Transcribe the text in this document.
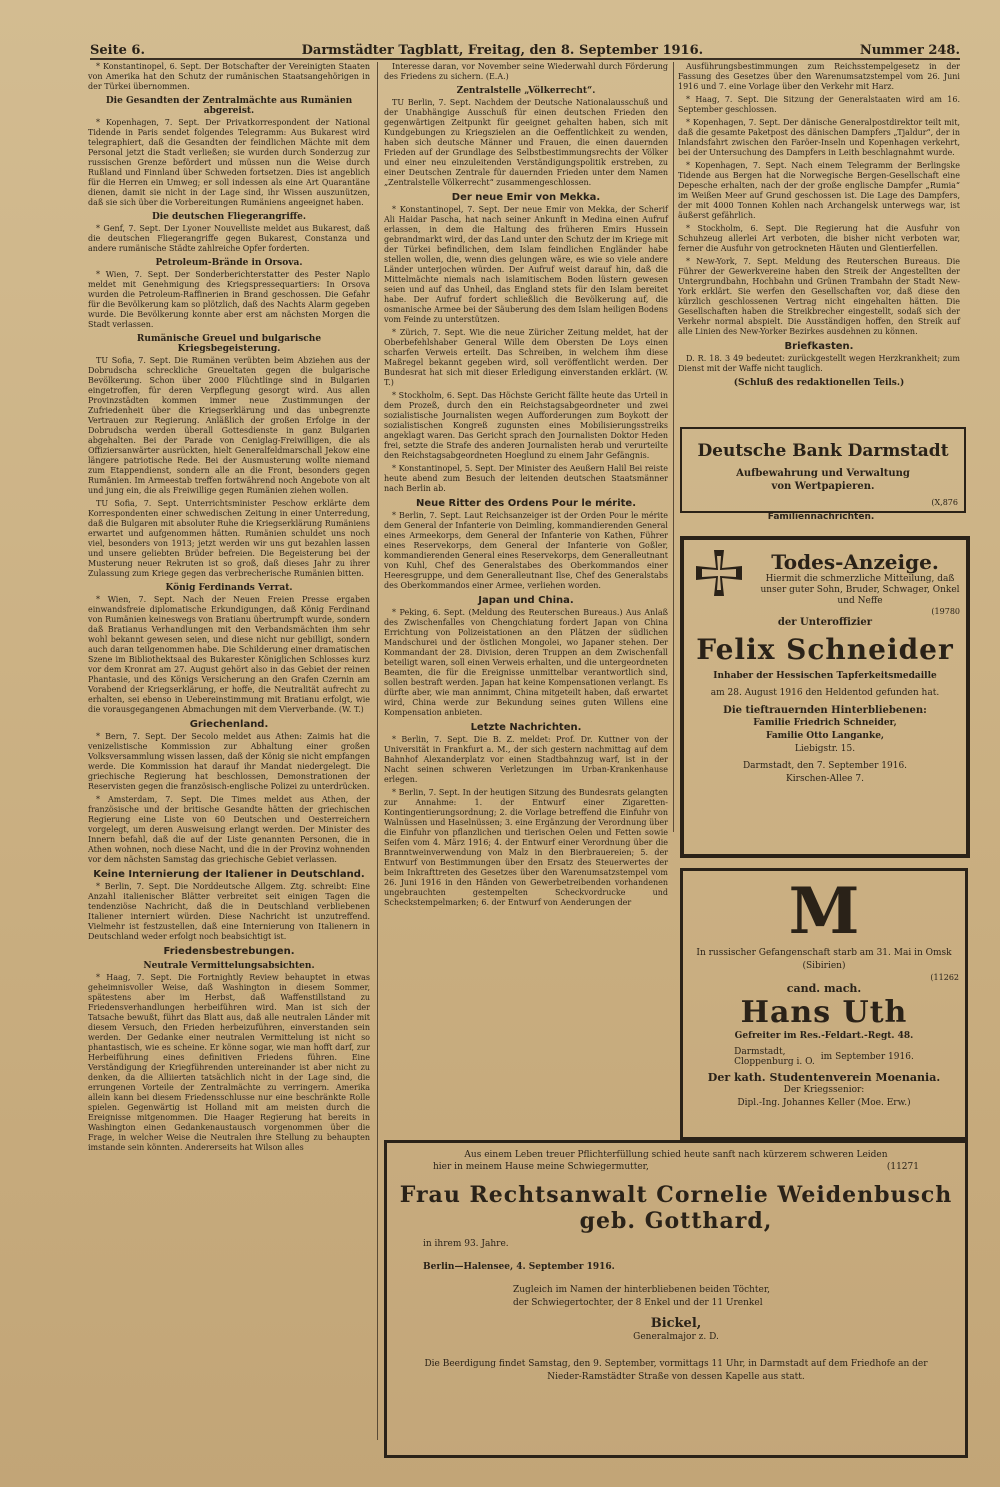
Seite 6.	Darmstädter Tagblatt, Freitag, den 8. September 1916.	Nummer 248.

* Konstantinopel, 6. Sept. Der Botschafter der Vereinigten Staaten von Amerika hat den Schutz der rumänischen Staatsangehörigen in der Türkei übernommen.

Die Gesandten der Zentralmächte aus Rumänien abgereist.

* Kopenhagen, 7. Sept. Der Privatkorrespondent der National Tidende in Paris sendet folgendes Telegramm: Aus Bukarest wird telegraphiert, daß die Gesandten der feindlichen Mächte mit dem Personal jetzt die Stadt verließen; sie wurden durch Sonderzug zur russischen Grenze befördert und müssen nun die Weise durch Rußland und Finnland über Schweden fortsetzen. Dies ist angeblich für die Herren ein Umweg; er soll indessen als eine Art Quarantäne dienen, damit sie nicht in der Lage sind, ihr Wissen auszunützen, daß sie sich über die Vorbereitungen Rumäniens angeeignet haben.

Die deutschen Fliegerangriffe.

* Genf, 7. Sept. Der Lyoner Nouvelliste meldet aus Bukarest, daß die deutschen Fliegerangriffe gegen Bukarest, Constanza und andere rumänische Städte zahlreiche Opfer forderten.

Petroleum-Brände in Orsova.

* Wien, 7. Sept. Der Sonderberichterstatter des Pester Naplo meldet mit Genehmigung des Kriegspressequartiers: In Orsova wurden die Petroleum-Raffinerien in Brand geschossen. Die Gefahr für die Bevölkerung kam so plötzlich, daß des Nachts Alarm gegeben wurde. Die Bevölkerung konnte aber erst am nächsten Morgen die Stadt verlassen.

Rumänische Greuel und bulgarische Kriegsbegeisterung.

TU Sofia, 7. Sept. Die Rumänen verübten beim Abziehen aus der Dobrudscha schreckliche Greueltaten gegen die bulgarische Bevölkerung. Schon über 2000 Flüchtlinge sind in Bulgarien eingetroffen, für deren Verpflegung gesorgt wird. Aus allen Provinzstädten kommen immer neue Zustimmungen der Zufriedenheit über die Kriegserklärung und das unbegrenzte Vertrauen zur Regierung. Anläßlich der großen Erfolge in der Dobrudscha werden überall Gottesdienste in ganz Bulgarien abgehalten. Bei der Parade von Ceniglag-Freiwilligen, die als Offiziersanwärter ausrückten, hielt Generalfeldmarschall Jekow eine längere patriotische Rede. Bei der Ausmusterung wollte niemand zum Etappendienst, sondern alle an die Front, besonders gegen Rumänien. Im Armeestab treffen fortwährend noch Angebote von alt und jung ein, die als Freiwillige gegen Rumänien ziehen wollen.

TU Sofia, 7. Sept. Unterrichtsminister Peschow erklärte dem Korrespondenten einer schwedischen Zeitung in einer Unterredung, daß die Bulgaren mit absoluter Ruhe die Kriegserklärung Rumäniens erwartet und aufgenommen hätten. Rumänien schuldet uns noch viel, besonders von 1913; jetzt werden wir uns gut bezahlen lassen und unsere geliebten Brüder befreien. Die Begeisterung bei der Musterung neuer Rekruten ist so groß, daß dieses Jahr zu ihrer Zulassung zum Kriege gegen das verbrecherische Rumänien bitten.

König Ferdinands Verrat.

* Wien, 7. Sept. Nach der Neuen Freien Presse ergaben einwandsfreie diplomatische Erkundigungen, daß König Ferdinand von Rumänien keineswegs von Bratianu übertrumpft wurde, sondern daß Bratianus Verhandlungen mit den Verbandsmächten ihm sehr wohl bekannt gewesen seien, und diese nicht nur gebilligt, sondern auch daran teilgenommen habe. Die Schilderung einer dramatischen Szene im Bibliothektsaal des Bukarester Königlichen Schlosses kurz vor dem Kronrat am 27. August gehört also in das Gebiet der reinen Phantasie, und des Königs Versicherung an den Grafen Czernin am Vorabend der Kriegserklärung, er hoffe, die Neutralität aufrecht zu erhalten, sei ebenso in Uebereinstimmung mit Bratianu erfolgt, wie die vorausgegangenen Abmachungen mit dem Vierverbande. (W. T.)

Griechenland.

* Bern, 7. Sept. Der Secolo meldet aus Athen: Zaimis hat die venizelistische Kommission zur Abhaltung einer großen Volksversammlung wissen lassen, daß der König sie nicht empfangen werde. Die Kommission hat darauf ihr Mandat niedergelegt. Die griechische Regierung hat beschlossen, Demonstrationen der Reservisten gegen die französisch-englische Polizei zu unterdrücken.

* Amsterdam, 7. Sept. Die Times meldet aus Athen, der französische und der britische Gesandte hätten der griechischen Regierung eine Liste von 60 Deutschen und Oesterreichern vorgelegt, um deren Ausweisung erlangt werden. Der Minister des Innern befahl, daß die auf der Liste genannten Personen, die in Athen wohnen, noch diese Nacht, und die in der Provinz wohnenden vor dem nächsten Samstag das griechische Gebiet verlassen.

Keine Internierung der Italiener in Deutschland.

* Berlin, 7. Sept. Die Norddeutsche Allgem. Ztg. schreibt: Eine Anzahl italienischer Blätter verbreitet seit einigen Tagen die tendenziöse Nachricht, daß die in Deutschland verbliebenen Italiener interniert würden. Diese Nachricht ist unzutreffend. Vielmehr ist festzustellen, daß eine Internierung von Italienern in Deutschland weder erfolgt noch beabsichtigt ist.

Friedensbestrebungen.
Neutrale Vermittelungsabsichten.

* Haag, 7. Sept. Die Fortnightly Review behauptet in etwas geheimnisvoller Weise, daß Washington in diesem Sommer, spätestens aber im Herbst, daß Waffenstillstand zu Friedensverhandlungen herbeiführen wird. Man ist sich der Tatsache bewußt, führt das Blatt aus, daß alle neutralen Länder mit diesem Versuch, den Frieden herbeizuführen, einverstanden sein werden. Der Gedanke einer neutralen Vermittelung ist nicht so phantastisch, wie es scheine. Er könne sogar, wie man hofft darf, zur Herbeiführung eines definitiven Friedens führen. Eine Verständigung der Kriegführenden untereinander ist aber nicht zu denken, da die Alliierten tatsächlich nicht in der Lage sind, die errungenen Vorteile der Zentralmächte zu verringern. Amerika allein kann bei diesem Friedensschlusse nur eine beschränkte Rolle spielen. Gegenwärtig ist Holland mit am meisten durch die Ereignisse mitgenommen. Die Haager Regierung hat bereits in Washington einen Gedankenaustausch vorgenommen über die Frage, in welcher Weise die Neutralen ihre Stellung zu behaupten imstande sein könnten. Andererseits hat Wilson alles

Interesse daran, vor November seine Wiederwahl durch Förderung des Friedens zu sichern. (E.A.)

Zentralstelle „Völkerrecht“.

TU Berlin, 7. Sept. Nachdem der Deutsche Nationalausschuß und der Unabhängige Ausschuß für einen deutschen Frieden den gegenwärtigen Zeitpunkt für geeignet gehalten haben, sich mit Kundgebungen zu Kriegszielen an die Oeffentlichkeit zu wenden, haben sich deutsche Männer und Frauen, die einen dauernden Frieden auf der Grundlage des Selbstbestimmungsrechts der Völker und einer neu einzuleitenden Verständigungspolitik erstreben, zu einer Deutschen Zentrale für dauernden Frieden unter dem Namen „Zentralstelle Völkerrecht“ zusammengeschlossen.

Der neue Emir von Mekka.

* Konstantinopel, 7. Sept. Der neue Emir von Mekka, der Scherif Ali Haidar Pascha, hat nach seiner Ankunft in Medina einen Aufruf erlassen, in dem die Haltung des früheren Emirs Hussein gebrandmarkt wird, der das Land unter den Schutz der im Kriege mit der Türkei befindlichen, dem Islam feindlichen Engländer habe stellen wollen, die, wenn dies gelungen wäre, es wie so viele andere Länder unterjochen würden. Der Aufruf weist darauf hin, daß die Mittelmächte niemals nach islamitischem Boden lüstern gewesen seien und auf das Unheil, das England stets für den Islam bereitet habe. Der Aufruf fordert schließlich die Bevölkerung auf, die osmanische Armee bei der Säuberung des dem Islam heiligen Bodens vom Feinde zu unterstützen.

* Zürich, 7. Sept. Wie die neue Züricher Zeitung meldet, hat der Oberbefehlshaber General Wille dem Obersten De Loys einen scharfen Verweis erteilt. Das Schreiben, in welchem ihm diese Maßregel bekannt gegeben wird, soll veröffentlicht werden. Der Bundesrat hat sich mit dieser Erledigung einverstanden erklärt. (W. T.)

* Stockholm, 6. Sept. Das Höchste Gericht fällte heute das Urteil in dem Prozeß, durch den ein Reichstagsabgeordneter und zwei sozialistische Journalisten wegen Aufforderungen zum Boykott der sozialistischen Kongreß zugunsten eines Mobilisierungsstreiks angeklagt waren. Das Gericht sprach den Journalisten Doktor Heden frei, setzte die Strafe des anderen Journalisten herab und verurteilte den Reichstagsabgeordneten Hoeglund zu einem Jahr Gefängnis.

* Konstantinopel, 5. Sept. Der Minister des Aeußern Halil Bei reiste heute abend zum Besuch der leitenden deutschen Staatsmänner nach Berlin ab.

Neue Ritter des Ordens Pour le mérite.

* Berlin, 7. Sept. Laut Reichsanzeiger ist der Orden Pour le mérite dem General der Infanterie von Deimling, kommandierenden General eines Armeekorps, dem General der Infanterie von Kathen, Führer eines Reservekorps, dem General der Infanterie von Goßler, kommandierenden General eines Reservekorps, dem Generalleutnant von Kuhl, Chef des Generalstabes des Oberkommandos einer Heeresgruppe, und dem Generalleutnant Ilse, Chef des Generalstabs des Oberkommandos einer Armee, verliehen worden.

Japan und China.

* Peking, 6. Sept. (Meldung des Reuterschen Bureaus.) Aus Anlaß des Zwischenfalles von Chengchiatung fordert Japan von China Errichtung von Polizeistationen an den Plätzen der südlichen Mandschurei und der östlichen Mongolei, wo Japaner stehen. Der Kommandant der 28. Division, deren Truppen an dem Zwischenfall beteiligt waren, soll einen Verweis erhalten, und die untergeordneten Beamten, die für die Ereignisse unmittelbar verantwortlich sind, sollen bestraft werden. Japan hat keine Kompensationen verlangt. Es dürfte aber, wie man annimmt, China mitgeteilt haben, daß erwartet wird, China werde zur Bekundung seines guten Willens eine Kompensation anbieten.

Letzte Nachrichten.

* Berlin, 7. Sept. Die B. Z. meldet: Prof. Dr. Kuttner von der Universität in Frankfurt a. M., der sich gestern nachmittag auf dem Bahnhof Alexanderplatz vor einen Stadtbahnzug warf, ist in der Nacht seinen schweren Verletzungen im Urban-Krankenhause erlegen.

* Berlin, 7. Sept. In der heutigen Sitzung des Bundesrats gelangten zur Annahme: 1. der Entwurf einer Zigaretten-Kontingentierungsordnung; 2. die Vorlage betreffend die Einfuhr von Walnüssen und Haselnüssen; 3. eine Ergänzung der Verordnung über die Einfuhr von pflanzlichen und tierischen Oelen und Fetten sowie Seifen vom 4. März 1916; 4. der Entwurf einer Verordnung über die Branntweinverwendung von Malz in den Bierbrauereien; 5. der Entwurf von Bestimmungen über den Ersatz des Steuerwertes der beim Inkrafttreten des Gesetzes über den Warenumsatzstempel vom 26. Juni 1916 in den Händen von Gewerbetreibenden vorhandenen ungebrauchten gestempelten Scheckvordrucke und Scheckstempelmarken; 6. der Entwurf von Aenderungen der

Ausführungsbestimmungen zum Reichsstempelgesetz in der Fassung des Gesetzes über den Warenumsatzstempel vom 26. Juni 1916 und 7. eine Vorlage über den Verkehr mit Harz.

* Haag, 7. Sept. Die Sitzung der Generalstaaten wird am 16. September geschlossen.

* Kopenhagen, 7. Sept. Der dänische Generalpostdirektor teilt mit, daß die gesamte Paketpost des dänischen Dampfers „Tjaldur“, der in Inlandsfahrt zwischen den Faröer-Inseln und Kopenhagen verkehrt, bei der Untersuchung des Dampfers in Leith beschlagnahmt wurde.

* Kopenhagen, 7. Sept. Nach einem Telegramm der Berlingske Tidende aus Bergen hat die Norwegische Bergen-Gesellschaft eine Depesche erhalten, nach der der große englische Dampfer „Rumia“ im Weißen Meer auf Grund geschossen ist. Die Lage des Dampfers, der mit 4000 Tonnen Kohlen nach Archangelsk unterwegs war, ist äußerst gefährlich.

* Stockholm, 6. Sept. Die Regierung hat die Ausfuhr von Schuhzeug allerlei Art verboten, die bisher nicht verboten war, ferner die Ausfuhr von getrockneten Häuten und Glentierfellen.

* New-York, 7. Sept. Meldung des Reuterschen Bureaus. Die Führer der Gewerkvereine haben den Streik der Angestellten der Untergrundbahn, Hochbahn und Grünen Trambahn der Stadt New-York erklärt. Sie werfen den Gesellschaften vor, daß diese den kürzlich geschlossenen Vertrag nicht eingehalten hätten. Die Gesellschaften haben die Streikbrecher eingestellt, sodaß sich der Verkehr normal abspielt. Die Ausständigen hoffen, den Streik auf alle Linien des New-Yorker Bezirkes ausdehnen zu können.

Briefkasten.

D. R. 18. 3 49 bedeutet: zurückgestellt wegen Herzkrankheit; zum Dienst mit der Waffe nicht tauglich.

(Schluß des redaktionellen Teils.)
Deutsche Bank Darmstadt
Aufbewahrung und Verwaltung
von Wertpapieren.
(X,876
Familiennachrichten.
Todes-Anzeige.
Hiermit die schmerzliche Mitteilung, daß unser guter Sohn, Bruder, Schwager, Onkel und Neffe
(19780
der Unteroffizier
Felix Schneider
Inhaber der Hessischen Tapferkeitsmedaille
am 28. August 1916 den Heldentod gefunden hat.
Die tieftrauernden Hinterbliebenen:
Familie Friedrich Schneider,
Familie Otto Langanke,
Liebigstr. 15.
Darmstadt, den 7. September 1916.
Kirschen-Allee 7.
M
In russischer Gefangenschaft starb am 31. Mai in Omsk (Sibirien)
(11262
cand. mach.
Hans Uth
Gefreiter im Res.-Feldart.-Regt. 48.
Darmstadt,
Cloppenburg i. O. im September 1916.
Der kath. Studentenverein Moenania.
Der Kriegssenior:
Dipl.-Ing. Johannes Keller (Moe. Erw.)
Aus einem Leben treuer Pflichterfüllung schied heute sanft nach kürzerem schweren Leiden
hier in meinem Hause meine Schwiegermutter,	(11271
Frau Rechtsanwalt Cornelie Weidenbusch geb. Gotthard,
in ihrem 93. Jahre.
Berlin—Halensee, 4. September 1916.
Zugleich im Namen der hinterbliebenen beiden Töchter,
der Schwiegertochter, der 8 Enkel und der 11 Urenkel
Bickel,
Generalmajor z. D.
Die Beerdigung findet Samstag, den 9. September, vormittags 11 Uhr, in Darmstadt auf dem Friedhofe an der Nieder-Ramstädter Straße von dessen Kapelle aus statt.
